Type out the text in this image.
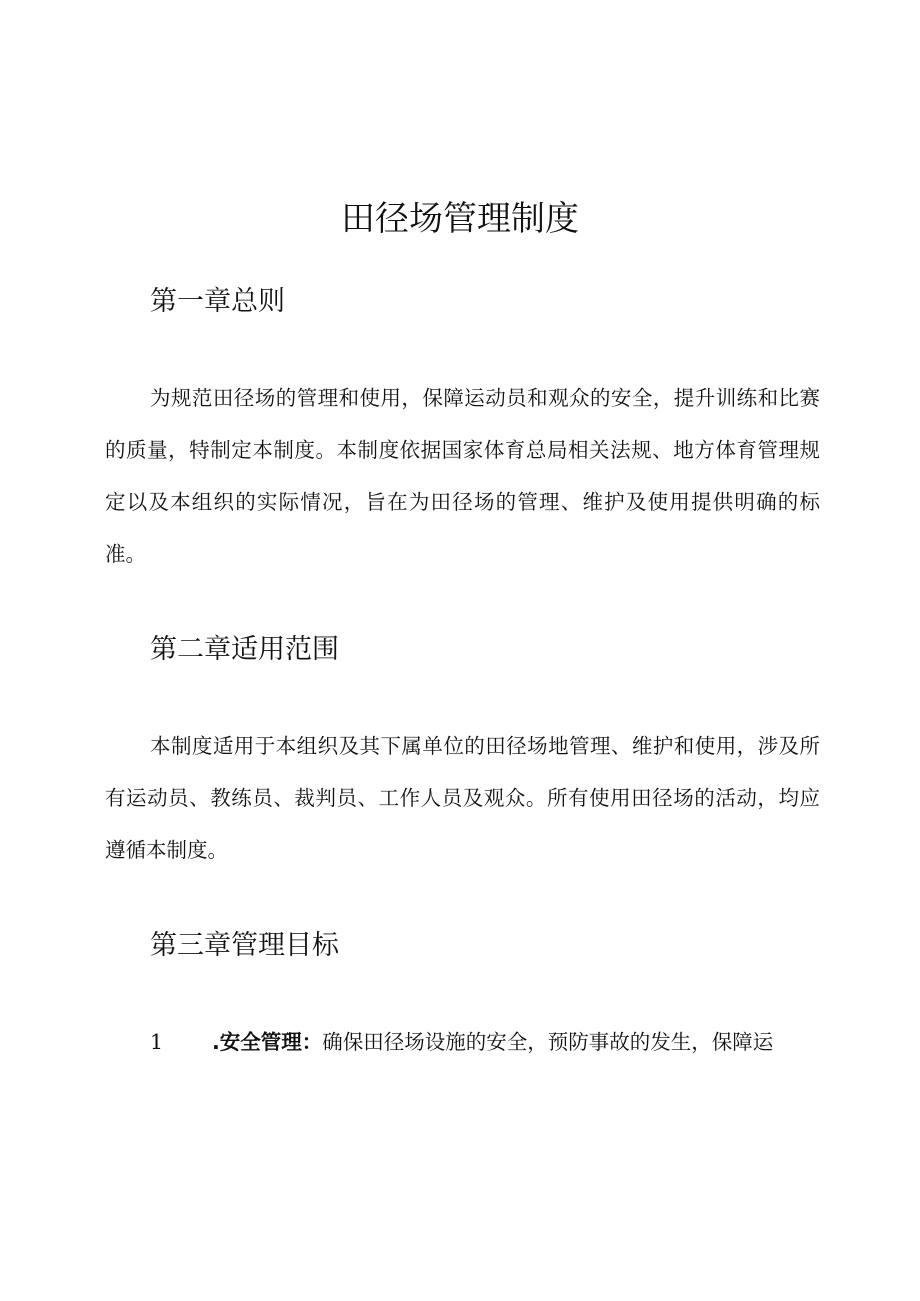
田径场管理制度
第一章总则

为规范田径场的管理和使用，保障运动员和观众的安全，提升训练和比赛的质量，特制定本制度。本制度依据国家体育总局相关法规、地方体育管理规定以及本组织的实际情况，旨在为田径场的管理、维护及使用提供明确的标准。

第二章适用范围

本制度适用于本组织及其下属单位的田径场地管理、维护和使用，涉及所有运动员、教练员、裁判员、工作人员及观众。所有使用田径场的活动，均应遵循本制度。

第三章管理目标
1 .安全管理：确保田径场设施的安全，预防事故的发生，保障运
